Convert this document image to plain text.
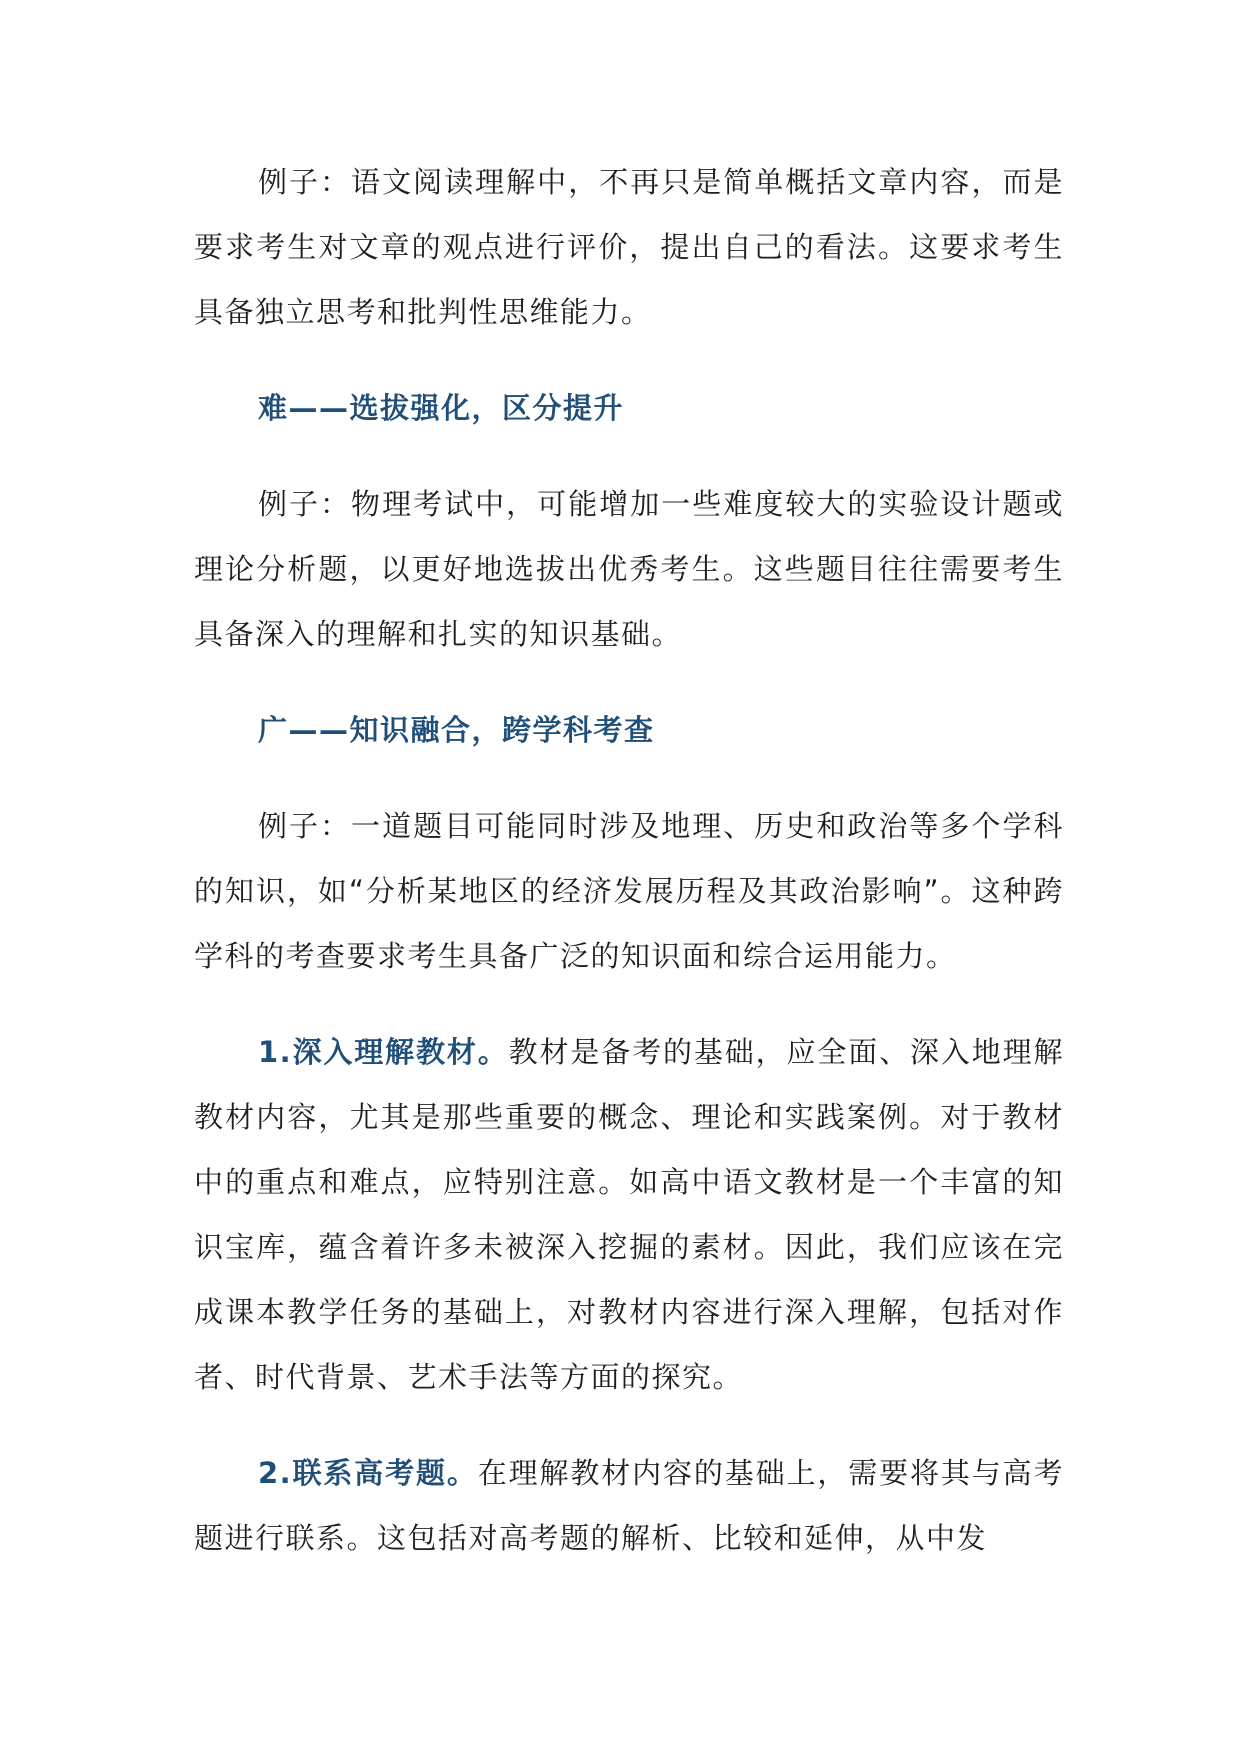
例子：语文阅读理解中，不再只是简单概括文章内容，而是要求考生对文章的观点进行评价，提出自己的看法。这要求考生具备独立思考和批判性思维能力。

难——选拔强化，区分提升

例子：物理考试中，可能增加一些难度较大的实验设计题或理论分析题，以更好地选拔出优秀考生。这些题目往往需要考生具备深入的理解和扎实的知识基础。

广——知识融合，跨学科考查

例子：一道题目可能同时涉及地理、历史和政治等多个学科的知识，如“分析某地区的经济发展历程及其政治影响”。这种跨学科的考查要求考生具备广泛的知识面和综合运用能力。

1.深入理解教材。教材是备考的基础，应全面、深入地理解教材内容，尤其是那些重要的概念、理论和实践案例。对于教材中的重点和难点，应特别注意。如高中语文教材是一个丰富的知识宝库，蕴含着许多未被深入挖掘的素材。因此，我们应该在完成课本教学任务的基础上，对教材内容进行深入理解，包括对作者、时代背景、艺术手法等方面的探究。

2.联系高考题。在理解教材内容的基础上，需要将其与高考题进行联系。这包括对高考题的解析、比较和延伸，从中发
